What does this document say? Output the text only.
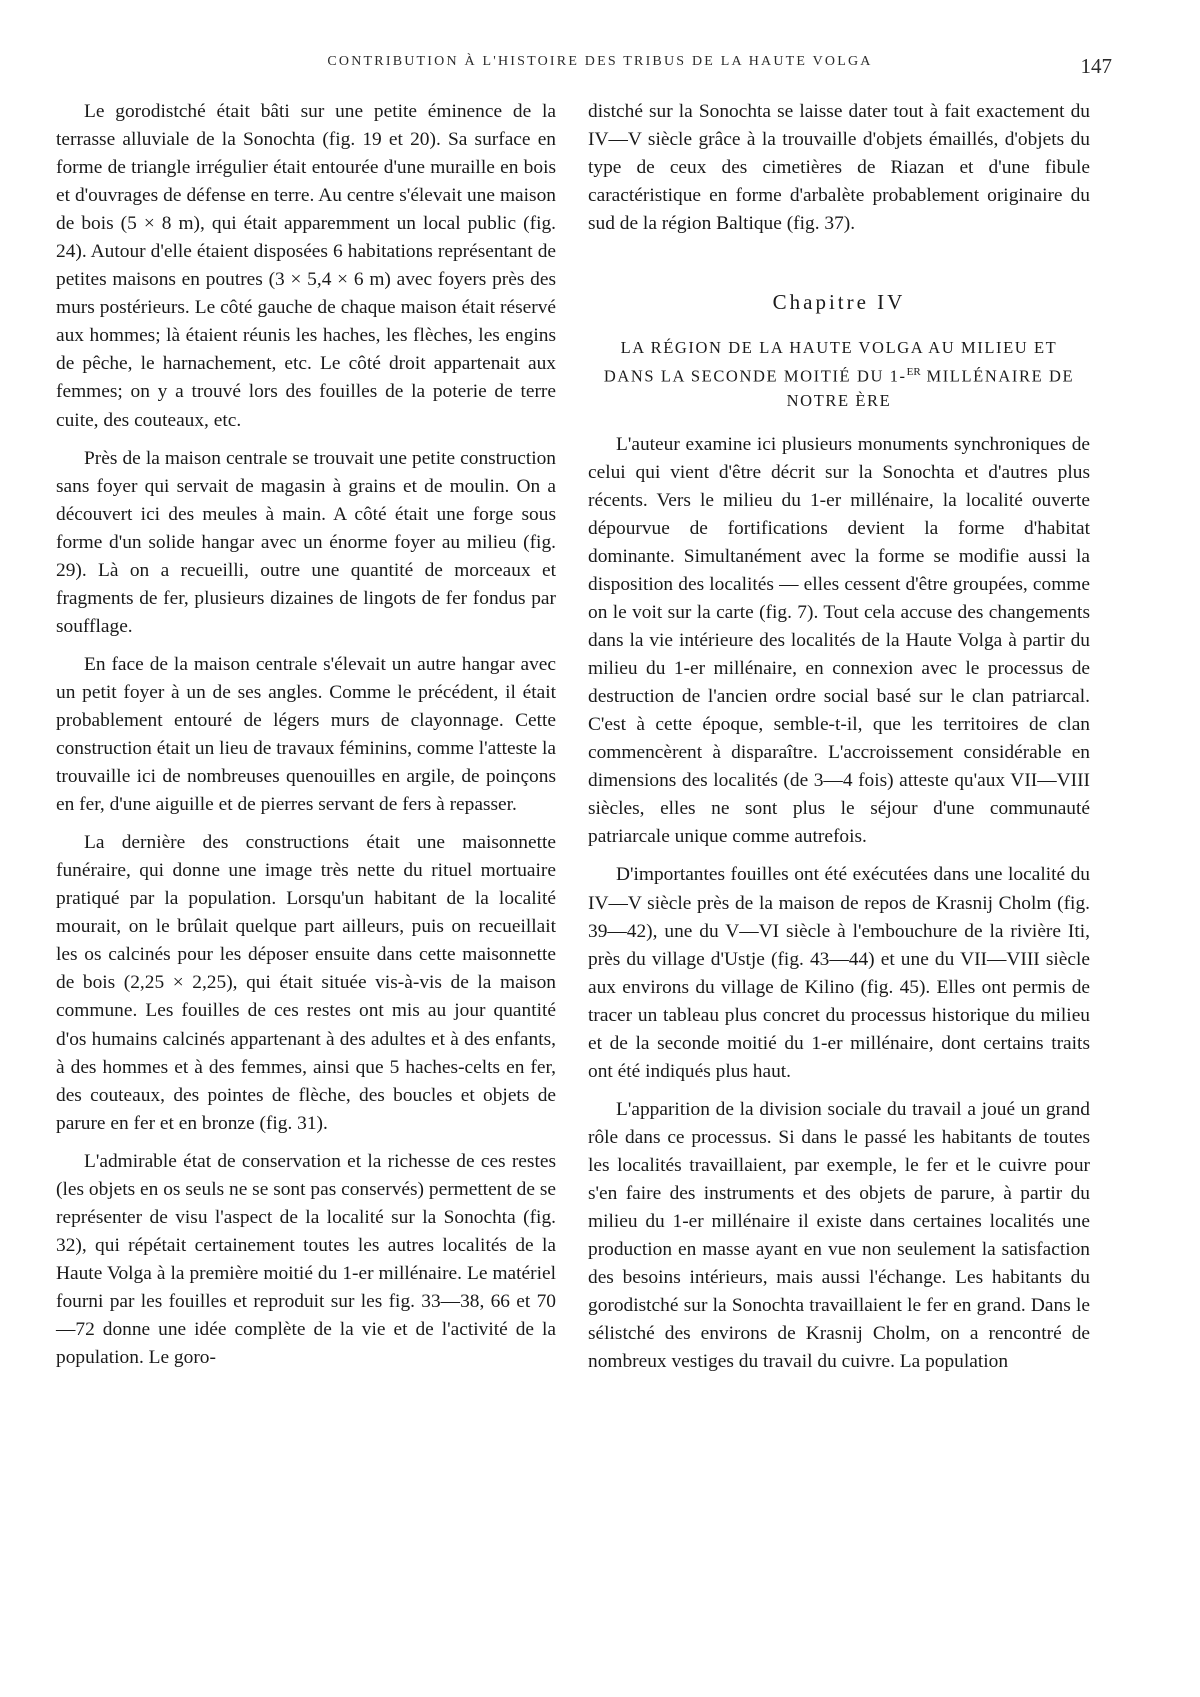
CONTRIBUTION À L'HISTOIRE DES TRIBUS DE LA HAUTE VOLGA	147

Le gorodistché était bâti sur une petite éminence de la terrasse alluviale de la Sonochta (fig. 19 et 20). Sa surface en forme de triangle irrégulier était entourée d'une muraille en bois et d'ouvrages de défense en terre. Au centre s'élevait une maison de bois (5 × 8 m), qui était apparemment un local public (fig. 24). Autour d'elle étaient disposées 6 habitations représentant de petites maisons en poutres (3 × 5,4 × 6 m) avec foyers près des murs postérieurs. Le côté gauche de chaque maison était réservé aux hommes; là étaient réunis les haches, les flèches, les engins de pêche, le harnachement, etc. Le côté droit appartenait aux femmes; on y a trouvé lors des fouilles de la poterie de terre cuite, des couteaux, etc.

Près de la maison centrale se trouvait une petite construction sans foyer qui servait de magasin à grains et de moulin. On a découvert ici des meules à main. A côté était une forge sous forme d'un solide hangar avec un énorme foyer au milieu (fig. 29). Là on a recueilli, outre une quantité de morceaux et fragments de fer, plusieurs dizaines de lingots de fer fondus par soufflage.

En face de la maison centrale s'élevait un autre hangar avec un petit foyer à un de ses angles. Comme le précédent, il était probablement entouré de légers murs de clayonnage. Cette construction était un lieu de travaux féminins, comme l'atteste la trouvaille ici de nombreuses quenouilles en argile, de poinçons en fer, d'une aiguille et de pierres servant de fers à repasser.

La dernière des constructions était une maisonnette funéraire, qui donne une image très nette du rituel mortuaire pratiqué par la population. Lorsqu'un habitant de la localité mourait, on le brûlait quelque part ailleurs, puis on recueillait les os calcinés pour les déposer ensuite dans cette maisonnette de bois (2,25 × 2,25), qui était située vis-à-vis de la maison commune. Les fouilles de ces restes ont mis au jour quantité d'os humains calcinés appartenant à des adultes et à des enfants, à des hommes et à des femmes, ainsi que 5 haches-celts en fer, des couteaux, des pointes de flèche, des boucles et objets de parure en fer et en bronze (fig. 31).

L'admirable état de conservation et la richesse de ces restes (les objets en os seuls ne se sont pas conservés) permettent de se représenter de visu l'aspect de la localité sur la Sonochta (fig. 32), qui répétait certainement toutes les autres localités de la Haute Volga à la première moitié du 1-er millénaire. Le matériel fourni par les fouilles et reproduit sur les fig. 33—38, 66 et 70—72 donne une idée complète de la vie et de l'activité de la population. Le goro-

distché sur la Sonochta se laisse dater tout à fait exactement du IV—V siècle grâce à la trouvaille d'objets émaillés, d'objets du type de ceux des cimetières de Riazan et d'une fibule caractéristique en forme d'arbalète probablement originaire du sud de la région Baltique (fig. 37).

Chapitre IV
LA RÉGION DE LA HAUTE VOLGA AU MILIEU ET DANS LA SECONDE MOITIÉ DU 1-$^{ER}$ MILLÉNAIRE DE NOTRE ÈRE

L'auteur examine ici plusieurs monuments synchroniques de celui qui vient d'être décrit sur la Sonochta et d'autres plus récents. Vers le milieu du 1-er millénaire, la localité ouverte dépourvue de fortifications devient la forme d'habitat dominante. Simultanément avec la forme se modifie aussi la disposition des localités — elles cessent d'être groupées, comme on le voit sur la carte (fig. 7). Tout cela accuse des changements dans la vie intérieure des localités de la Haute Volga à partir du milieu du 1-er millénaire, en connexion avec le processus de destruction de l'ancien ordre social basé sur le clan patriarcal. C'est à cette époque, semble-t-il, que les territoires de clan commencèrent à disparaître. L'accroissement considérable en dimensions des localités (de 3—4 fois) atteste qu'aux VII—VIII siècles, elles ne sont plus le séjour d'une communauté patriarcale unique comme autrefois.

D'importantes fouilles ont été exécutées dans une localité du IV—V siècle près de la maison de repos de Krasnij Cholm (fig. 39—42), une du V—VI siècle à l'embouchure de la rivière Iti, près du village d'Ustje (fig. 43—44) et une du VII—VIII siècle aux environs du village de Kilino (fig. 45). Elles ont permis de tracer un tableau plus concret du processus historique du milieu et de la seconde moitié du 1-er millénaire, dont certains traits ont été indiqués plus haut.

L'apparition de la division sociale du travail a joué un grand rôle dans ce processus. Si dans le passé les habitants de toutes les localités travaillaient, par exemple, le fer et le cuivre pour s'en faire des instruments et des objets de parure, à partir du milieu du 1-er millénaire il existe dans certaines localités une production en masse ayant en vue non seulement la satisfaction des besoins intérieurs, mais aussi l'échange. Les habitants du gorodistché sur la Sonochta travaillaient le fer en grand. Dans le sélistché des environs de Krasnij Cholm, on a rencontré de nombreux vestiges du travail du cuivre. La population
